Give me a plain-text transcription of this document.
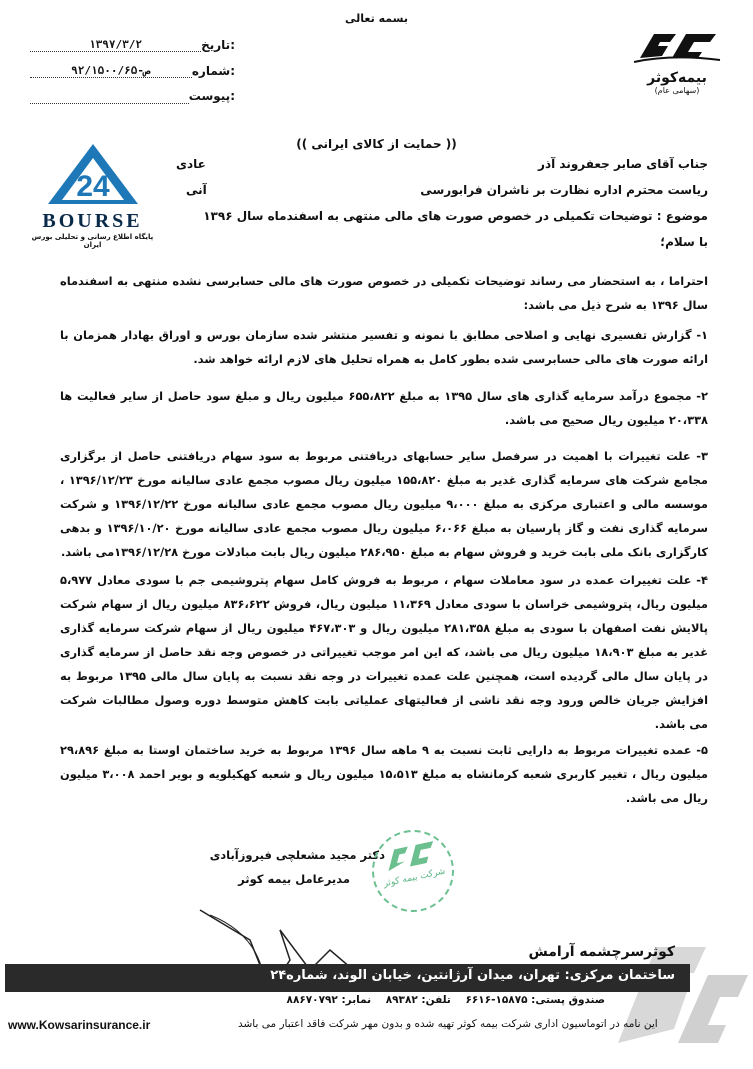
بسمه تعالی
تاریخ:
۱۳۹۷/۳/۲
شماره:
۹۲/۱۵۰۰/۶۵-ص
پیوست:
بیمه‌کوثر
(سهامی عام)
24
BOURSE
پایگاه اطلاع رسانی و تحلیلی بورس ایران
(( حمایت از کالای ایرانی ))
جناب آقای صابر جعفروند آذر
ریاست محترم اداره نظارت بر ناشران فرابورسی
موضوع : توضیحات تکمیلی در خصوص صورت های مالی منتهی به اسفندماه سال ۱۳۹۶
با سلام؛
عادی
آنی
احتراما ، به استحضار می رساند توضیحات تکمیلی در خصوص صورت های مالی حسابرسی نشده منتهی به اسفندماه سال ۱۳۹۶ به شرح ذیل می باشد:
۱- گزارش تفسیری نهایی و اصلاحی مطابق با نمونه و تفسیر منتشر شده سازمان بورس و اوراق بهادار همزمان با ارائه صورت های مالی حسابرسی شده بطور کامل به همراه تحلیل های لازم ارائه خواهد شد.
۲- مجموع درآمد سرمایه گذاری های سال ۱۳۹۵ به مبلغ ۶۵۵،۸۲۲ میلیون ریال و مبلغ سود حاصل از سایر فعالیت ها ۲۰،۳۳۸ میلیون ریال صحیح می باشد.
۳- علت تغییرات با اهمیت در سرفصل سایر حسابهای دریافتنی مربوط به سود سهام دریافتنی حاصل از برگزاری مجامع شرکت های سرمایه گذاری غدیر به مبلغ ۱۵۵،۸۲۰ میلیون ریال مصوب مجمع عادی سالیانه مورخ ۱۳۹۶/۱۲/۲۳ ، موسسه مالی و اعتباری مرکزی به مبلغ ۹،۰۰۰ میلیون ریال مصوب مجمع عادی سالیانه مورخ ۱۳۹۶/۱۲/۲۲ و شرکت سرمایه گذاری نفت و گاز پارسیان به مبلغ ۶،۰۶۶ میلیون ریال مصوب مجمع عادی سالیانه مورخ ۱۳۹۶/۱۰/۲۰ و بدهی کارگزاری بانک ملی بابت خرید و فروش سهام به مبلغ ۲۸۶،۹۵۰ میلیون ریال بابت مبادلات مورخ ۱۳۹۶/۱۲/۲۸می باشد.
۴- علت تغییرات عمده در سود معاملات سهام ، مربوط به فروش کامل سهام پتروشیمی جم با سودی معادل ۵،۹۷۷ میلیون ریال، پتروشیمی خراسان با سودی معادل ۱۱،۳۶۹ میلیون ریال، فروش ۸۳۶،۶۲۲ میلیون ریال از سهام شرکت پالایش نفت اصفهان با سودی به مبلغ ۲۸۱،۳۵۸ میلیون ریال و ۴۶۷،۳۰۳ میلیون ریال از سهام شرکت سرمایه گذاری غدیر به مبلغ ۱۸،۹۰۳ میلیون ریال می باشد، که این امر موجب تغییراتی در خصوص وجه نقد حاصل از سرمایه گذاری در پایان سال مالی گردیده است، همچنین علت عمده تغییرات در وجه نقد نسبت به پایان سال مالی ۱۳۹۵ مربوط به افزایش جریان خالص ورود وجه نقد ناشی از فعالیتهای عملیاتی بابت کاهش متوسط دوره وصول مطالبات شرکت می باشد.
۵- عمده تغییرات مربوط به دارایی ثابت نسبت به ۹ ماهه سال ۱۳۹۶ مربوط به خرید ساختمان اوستا به مبلغ ۲۹،۸۹۶ میلیون ریال ، تغییر کاربری شعبه کرمانشاه به مبلغ ۱۵،۵۱۳ میلیون ریال و شعبه کهکیلویه و بویر احمد ۳،۰۰۸ میلیون ریال می باشد.
دکتر مجید مشعلچی فیروزآبادی
مدیرعامل بیمه کوثر	شرکت بیمه کوثر
کوثرسرچشمه آرامش
ساختمان مرکزی: تهران، میدان آرژانتین، خیابان الوند، شماره۲۴
صندوق پستی: ۱۵۸۷۵-۶۶۱۶    تلفن: ۸۹۳۸۲    نمابر: ۸۸۶۷۰۷۹۲
www.Kowsarinsurance.ir	این نامه در اتوماسیون اداری شرکت بیمه کوثر تهیه شده و بدون مهر شرکت فاقد اعتبار می باشد
